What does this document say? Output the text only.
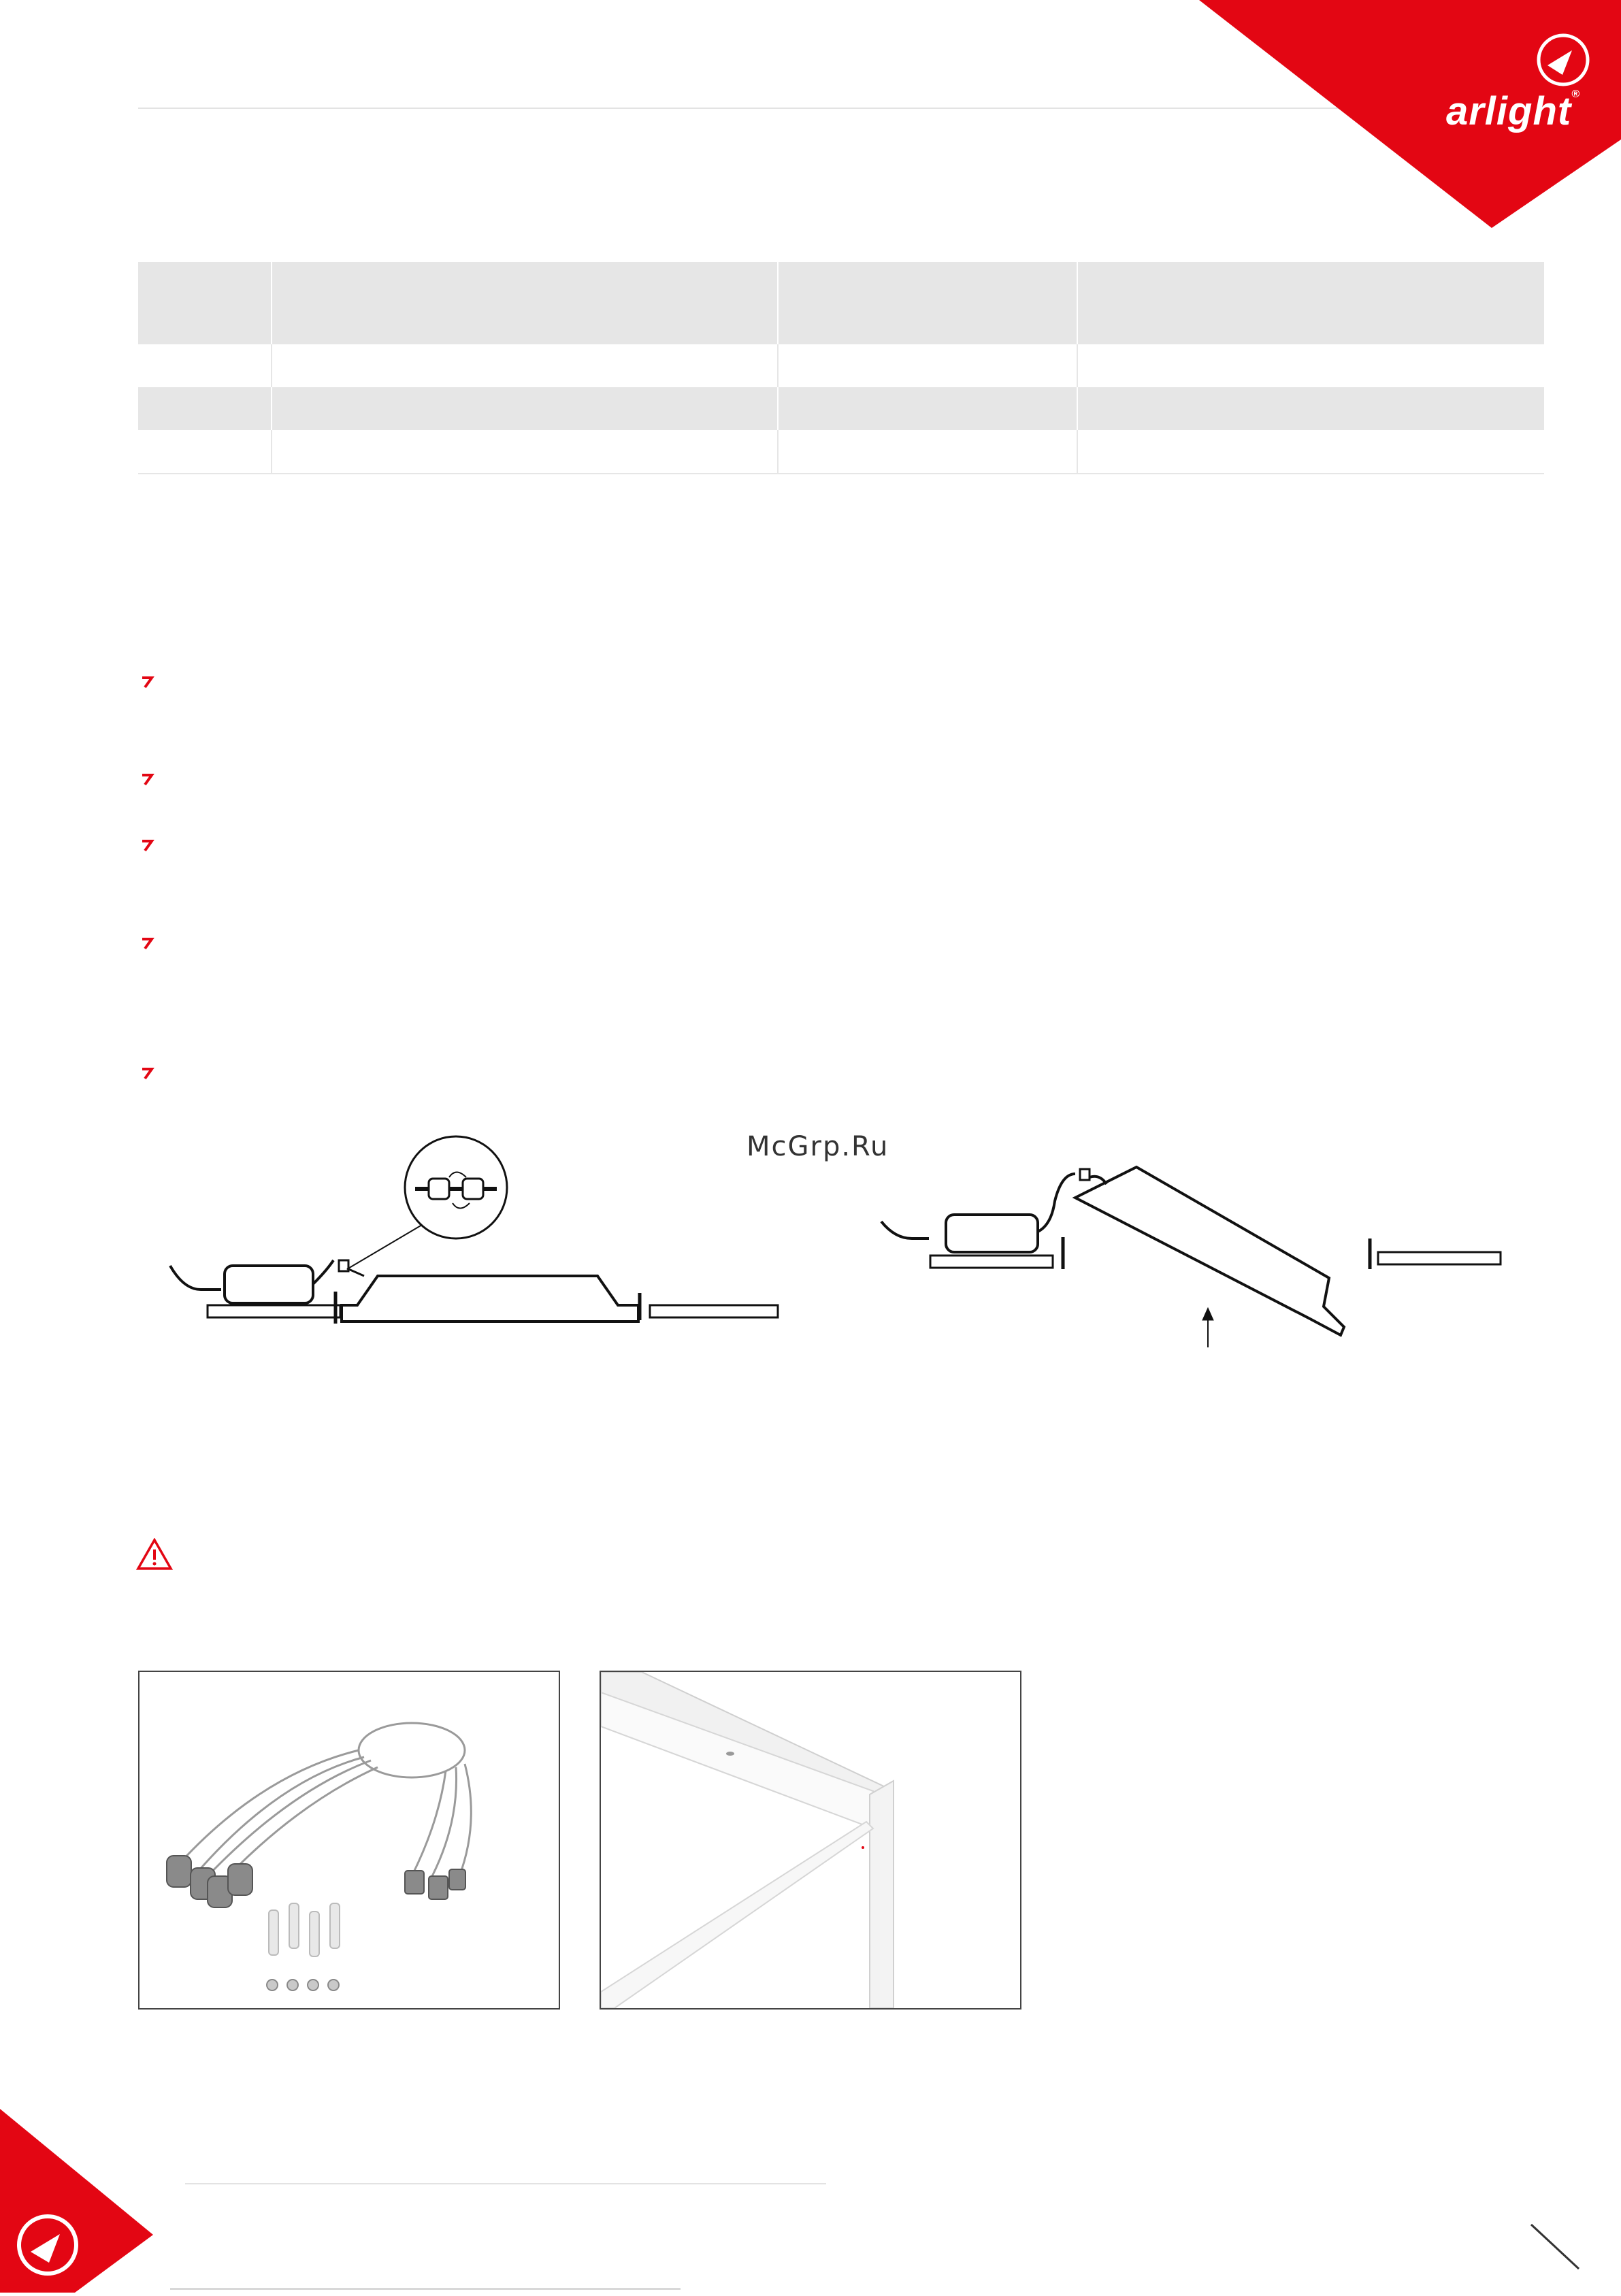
arlight®

McGrp.Ru
